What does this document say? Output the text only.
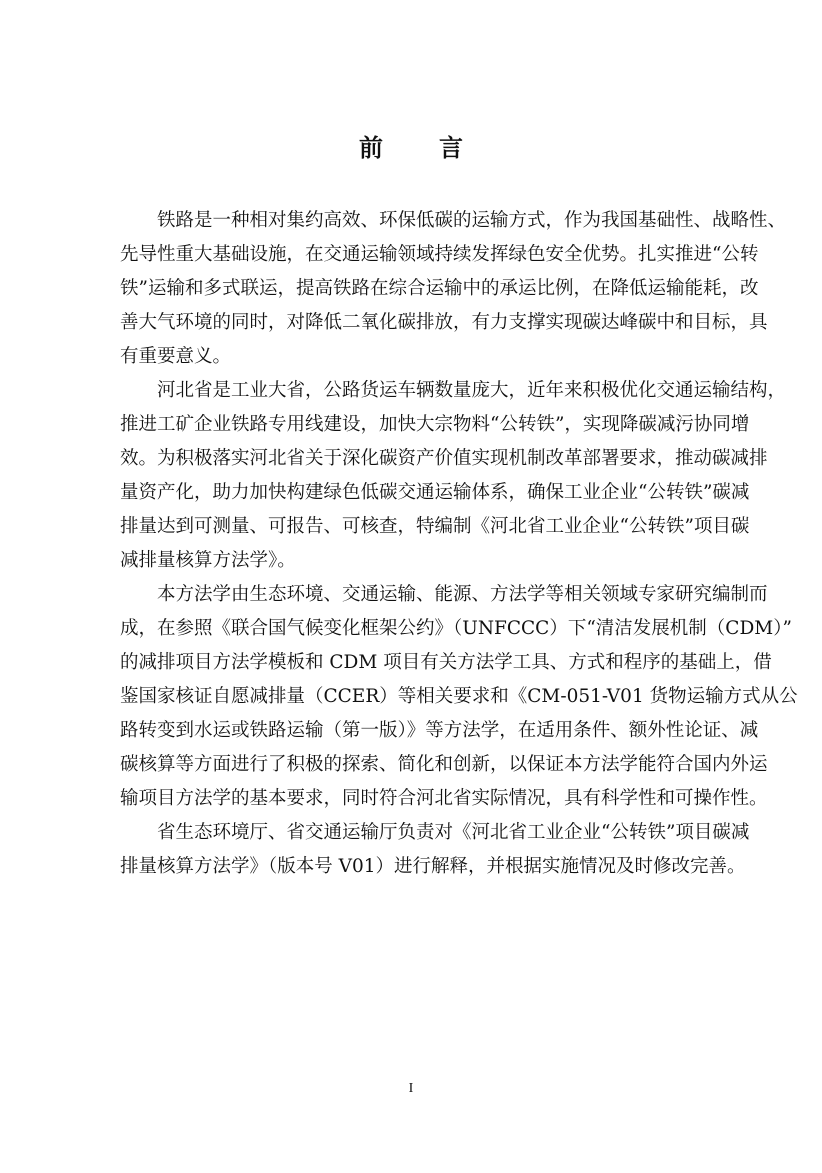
前 言

铁路是一种相对集约高效、环保低碳的运输方式，作为我国基础性、战略性、
先导性重大基础设施，在交通运输领域持续发挥绿色安全优势。扎实推进“公转
铁”运输和多式联运，提高铁路在综合运输中的承运比例，在降低运输能耗，改
善大气环境的同时，对降低二氧化碳排放，有力支撑实现碳达峰碳中和目标，具
有重要意义。

河北省是工业大省，公路货运车辆数量庞大，近年来积极优化交通运输结构，
推进工矿企业铁路专用线建设，加快大宗物料“公转铁”，实现降碳减污协同增
效。为积极落实河北省关于深化碳资产价值实现机制改革部署要求，推动碳减排
量资产化，助力加快构建绿色低碳交通运输体系，确保工业企业“公转铁”碳减
排量达到可测量、可报告、可核查，特编制《河北省工业企业“公转铁”项目碳
减排量核算方法学》。

本方法学由生态环境、交通运输、能源、方法学等相关领域专家研究编制而
成，在参照《联合国气候变化框架公约》（UNFCCC）下“清洁发展机制（CDM）”
的减排项目方法学模板和 CDM 项目有关方法学工具、方式和程序的基础上，借
鉴国家核证自愿减排量（CCER）等相关要求和《CM-051-V01 货物运输方式从公
路转变到水运或铁路运输（第一版）》等方法学，在适用条件、额外性论证、减
碳核算等方面进行了积极的探索、简化和创新，以保证本方法学能符合国内外运
输项目方法学的基本要求，同时符合河北省实际情况，具有科学性和可操作性。

省生态环境厅、省交通运输厅负责对《河北省工业企业“公转铁”项目碳减
排量核算方法学》（版本号 V01）进行解释，并根据实施情况及时修改完善。

I
